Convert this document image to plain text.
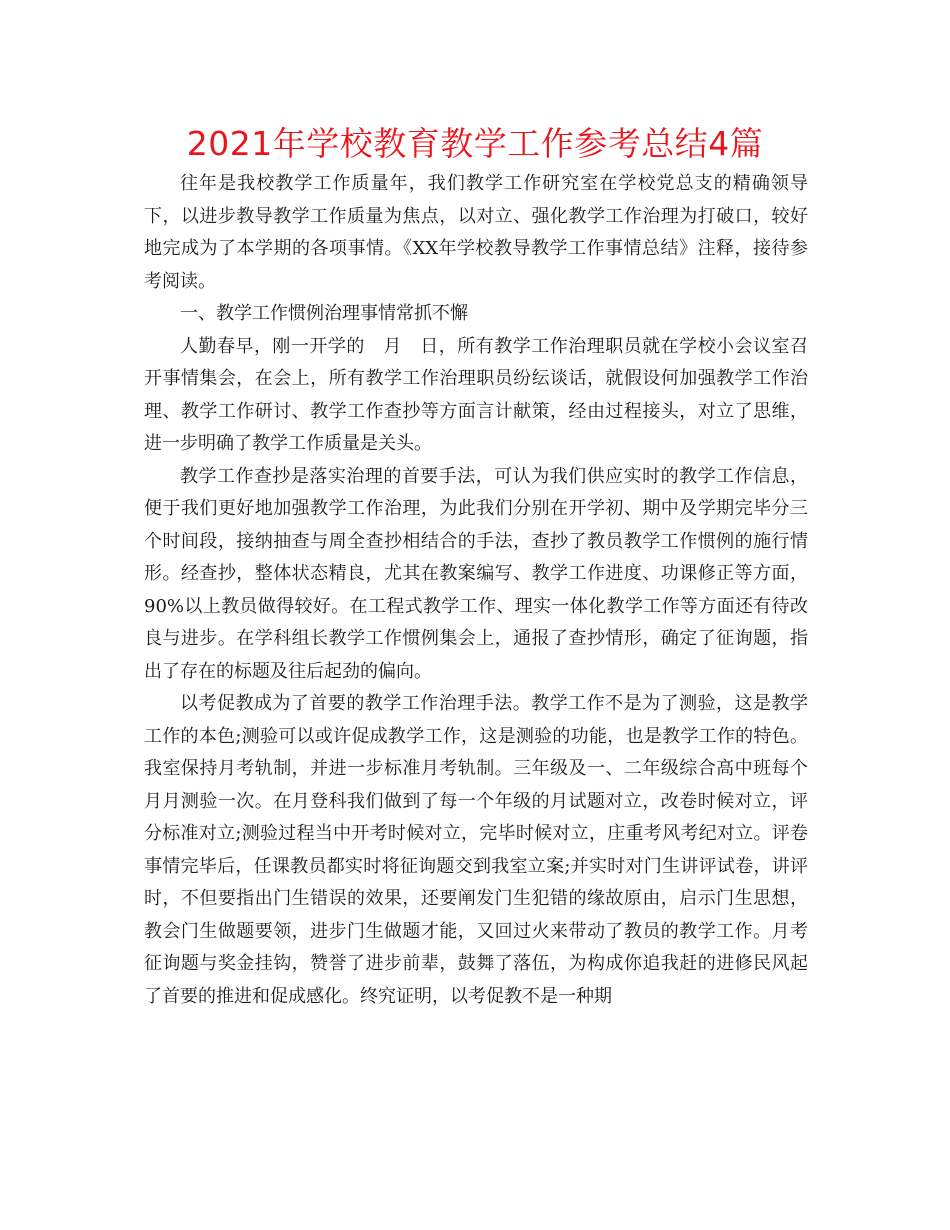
2021年学校教育教学工作参考总结4篇

往年是我校教学工作质量年，我们教学工作研究室在学校党总支的精确领导下，以进步教导教学工作质量为焦点，以对立、强化教学工作治理为打破口，较好地完成为了本学期的各项事情。《XX年学校教导教学工作事情总结》注释，接待参考阅读。

一、教学工作惯例治理事情常抓不懈

人勤春早，刚一开学的　月　日，所有教学工作治理职员就在学校小会议室召开事情集会，在会上，所有教学工作治理职员纷纭谈话，就假设何加强教学工作治理、教学工作研讨、教学工作查抄等方面言计献策，经由过程接头，对立了思维，进一步明确了教学工作质量是关头。

教学工作查抄是落实治理的首要手法，可认为我们供应实时的教学工作信息，便于我们更好地加强教学工作治理，为此我们分别在开学初、期中及学期完毕分三个时间段，接纳抽查与周全查抄相结合的手法，查抄了教员教学工作惯例的施行情形。经查抄，整体状态精良，尤其在教案编写、教学工作进度、功课修正等方面，90%以上教员做得较好。在工程式教学工作、理实一体化教学工作等方面还有待改良与进步。在学科组长教学工作惯例集会上，通报了查抄情形，确定了征询题，指出了存在的标题及往后起劲的偏向。

以考促教成为了首要的教学工作治理手法。教学工作不是为了测验，这是教学工作的本色;测验可以或许促成教学工作，这是测验的功能，也是教学工作的特色。我室保持月考轨制，并进一步标准月考轨制。三年级及一、二年级综合高中班每个月月测验一次。在月登科我们做到了每一个年级的月试题对立，改卷时候对立，评分标准对立;测验过程当中开考时候对立，完毕时候对立，庄重考风考纪对立。评卷事情完毕后，任课教员都实时将征询题交到我室立案;并实时对门生讲评试卷，讲评时，不但要指出门生错误的效果，还要阐发门生犯错的缘故原由，启示门生思想，教会门生做题要领，进步门生做题才能，又回过火来带动了教员的教学工作。月考征询题与奖金挂钩，赞誉了进步前辈，鼓舞了落伍，为构成你追我赶的进修民风起了首要的推进和促成感化。终究证明，以考促教不是一种期
